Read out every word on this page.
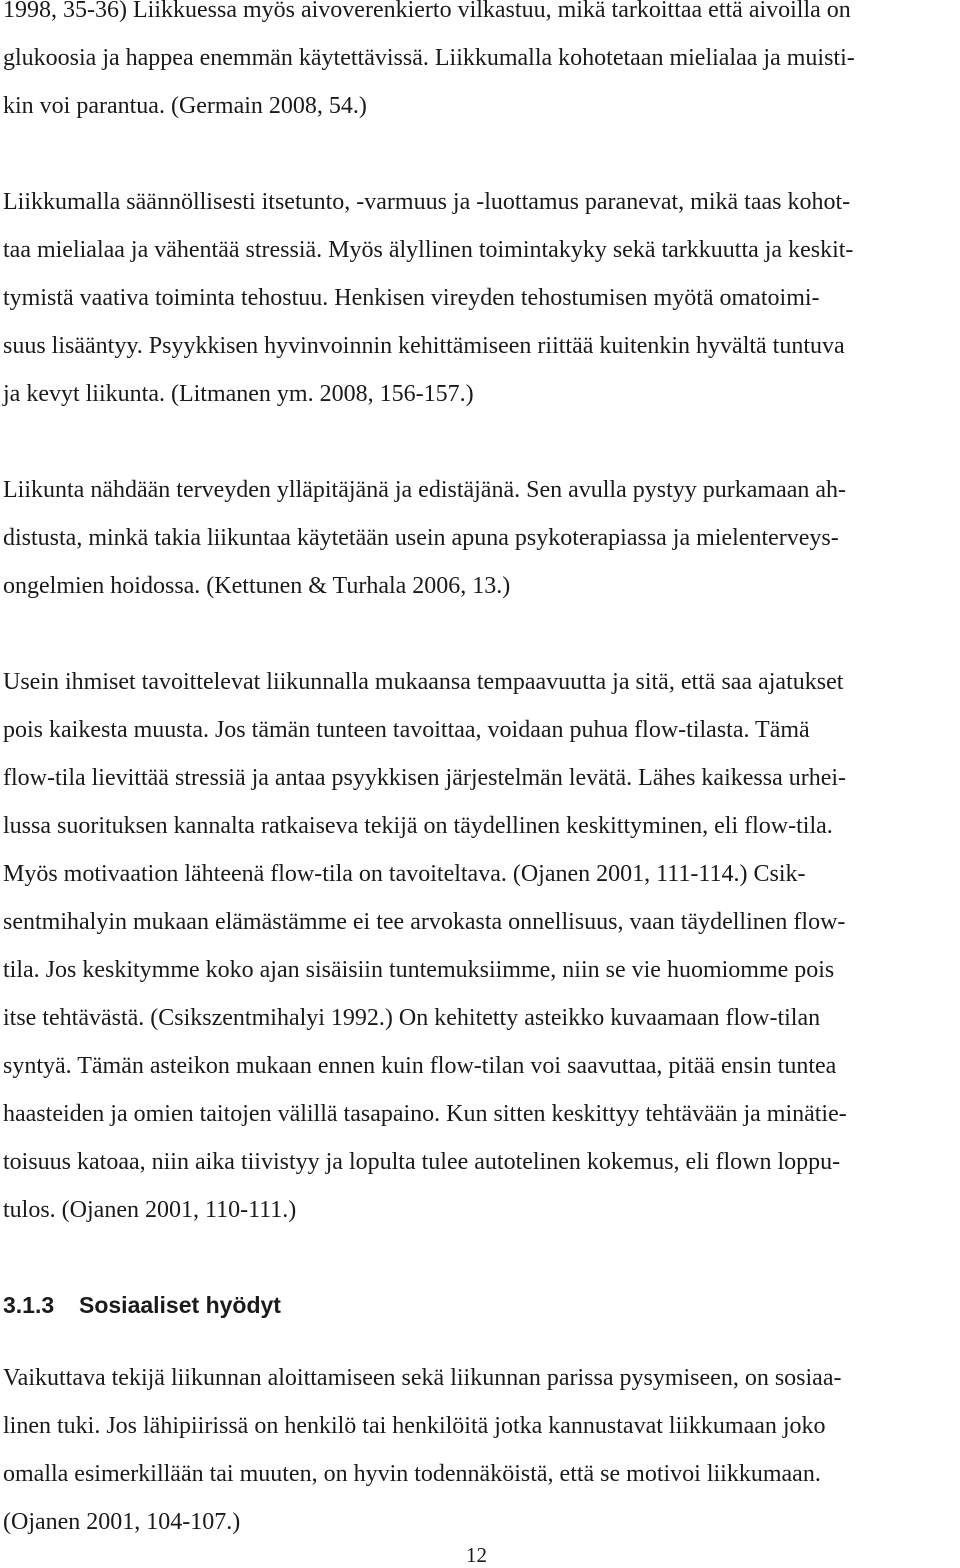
1998, 35-36) Liikkuessa myös aivoverenkierto vilkastuu, mikä tarkoittaa että aivoilla on
glukoosia ja happea enemmän käytettävissä. Liikkumalla kohotetaan mielialaa ja muisti-
kin voi parantua. (Germain 2008, 54.)

Liikkumalla säännöllisesti itsetunto, -varmuus ja -luottamus paranevat, mikä taas kohot-
taa mielialaa ja vähentää stressiä. Myös älyllinen toimintakyky sekä tarkkuutta ja keskit-
tymistä vaativa toiminta tehostuu. Henkisen vireyden tehostumisen myötä omatoimi-
suus lisääntyy. Psyykkisen hyvinvoinnin kehittämiseen riittää kuitenkin hyvältä tuntuva
ja kevyt liikunta. (Litmanen ym. 2008, 156-157.)

Liikunta nähdään terveyden ylläpitäjänä ja edistäjänä. Sen avulla pystyy purkamaan ah-
distusta, minkä takia liikuntaa käytetään usein apuna psykoterapiassa ja mielenterveys-
ongelmien hoidossa. (Kettunen & Turhala 2006, 13.)

Usein ihmiset tavoittelevat liikunnalla mukaansa tempaavuutta ja sitä, että saa ajatukset
pois kaikesta muusta. Jos tämän tunteen tavoittaa, voidaan puhua flow-tilasta. Tämä
flow-tila lievittää stressiä ja antaa psyykkisen järjestelmän levätä. Lähes kaikessa urhei-
lussa suorituksen kannalta ratkaiseva tekijä on täydellinen keskittyminen, eli flow-tila.
Myös motivaation lähteenä flow-tila on tavoiteltava. (Ojanen 2001, 111-114.) Csik-
sentmihalyin mukaan elämästämme ei tee arvokasta onnellisuus, vaan täydellinen flow-
tila. Jos keskitymme koko ajan sisäisiin tuntemuksiimme, niin se vie huomiomme pois
itse tehtävästä. (Csikszentmihalyi 1992.) On kehitetty asteikko kuvaamaan flow-tilan
syntyä. Tämän asteikon mukaan ennen kuin flow-tilan voi saavuttaa, pitää ensin tuntea
haasteiden ja omien taitojen välillä tasapaino. Kun sitten keskittyy tehtävään ja minätie-
toisuus katoaa, niin aika tiivistyy ja lopulta tulee autotelinen kokemus, eli flown loppu-
tulos. (Ojanen 2001, 110-111.)

3.1.3 Sosiaaliset hyödyt

Vaikuttava tekijä liikunnan aloittamiseen sekä liikunnan parissa pysymiseen, on sosiaa-
linen tuki. Jos lähipiirissä on henkilö tai henkilöitä jotka kannustavat liikkumaan joko
omalla esimerkillään tai muuten, on hyvin todennäköistä, että se motivoi liikkumaan.
(Ojanen 2001, 104-107.)

12
